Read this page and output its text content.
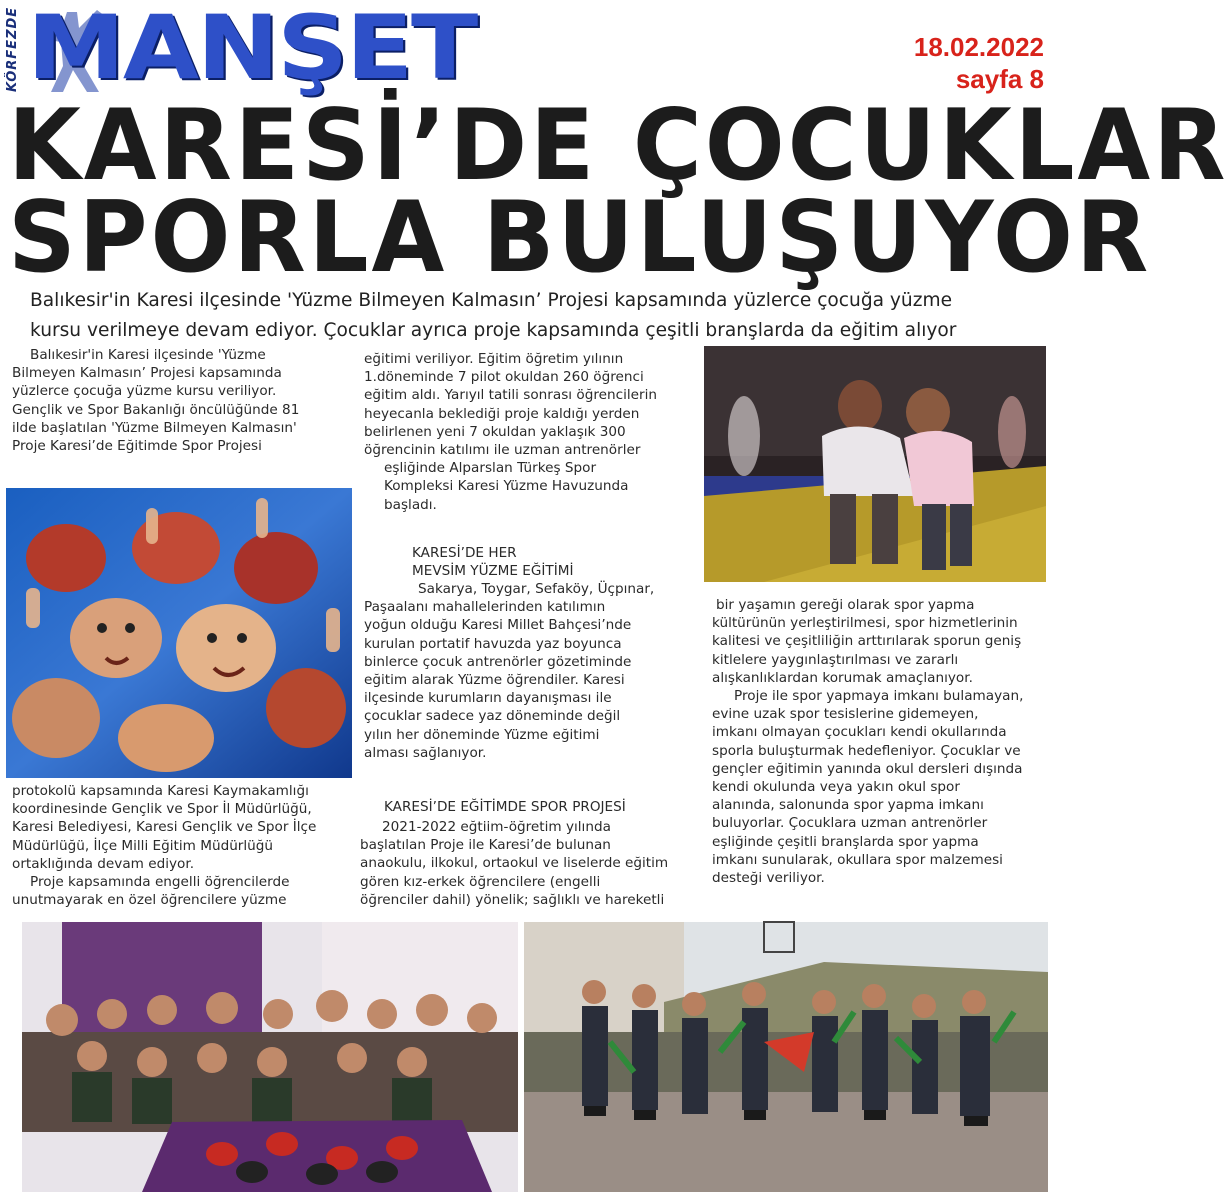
KÖRFEZDE MANŞET	18.02.2022
sayfa 8
KARESİ’DE ÇOCUKLAR
SPORLA BULUŞUYOR
Balıkesir'in Karesi ilçesinde 'Yüzme Bilmeyen Kalmasın’ Projesi kapsamında yüzlerce çocuğa yüzme
kursu verilmeye devam ediyor. Çocuklar ayrıca proje kapsamında çeşitli branşlarda da eğitim alıyor
Balıkesir'in Karesi ilçesinde 'Yüzme
Bilmeyen Kalmasın’ Projesi kapsamında
yüzlerce çocuğa yüzme kursu veriliyor.
Gençlik ve Spor Bakanlığı öncülüğünde 81
ilde başlatılan 'Yüzme Bilmeyen Kalmasın'
Proje Karesi’de Eğitimde Spor Projesi
protokolü kapsamında Karesi Kaymakamlığı
koordinesinde Gençlik ve Spor İl Müdürlüğü,
Karesi Belediyesi, Karesi Gençlik ve Spor İlçe
Müdürlüğü, İlçe Milli Eğitim Müdürlüğü
ortaklığında devam ediyor.
Proje kapsamında engelli öğrencilerde
unutmayarak en özel öğrencilere yüzme
eğitimi veriliyor. Eğitim öğretim yılının
1.döneminde 7 pilot okuldan 260 öğrenci
eğitim aldı. Yarıyıl tatili sonrası öğrencilerin
heyecanla beklediği proje kaldığı yerden
belirlenen yeni 7 okuldan yaklaşık 300
öğrencinin katılımı ile uzman antrenörler
eşliğinde Alparslan Türkeş Spor
Kompleksi Karesi Yüzme Havuzunda
başladı.
KARESİ’DE HER
MEVSİM YÜZME EĞİTİMİ
Sakarya, Toygar, Sefaköy, Üçpınar,
Paşaalanı mahallelerinden katılımın
yoğun olduğu Karesi Millet Bahçesi’nde
kurulan portatif havuzda yaz boyunca
binlerce çocuk antrenörler gözetiminde
eğitim alarak Yüzme öğrendiler. Karesi
ilçesinde kurumların dayanışması ile
çocuklar sadece yaz döneminde değil
yılın her döneminde Yüzme eğitimi
alması sağlanıyor.
KARESİ’DE EĞİTİMDE SPOR PROJESİ
2021-2022 eğtiim-öğretim yılında
başlatılan Proje ile Karesi’de bulunan
anaokulu, ilkokul, ortaokul ve liselerde eğitim
gören kız-erkek öğrencilere (engelli
öğrenciler dahil) yönelik; sağlıklı ve hareketli
bir yaşamın gereği olarak spor yapma
kültürünün yerleştirilmesi, spor hizmetlerinin
kalitesi ve çeşitliliğin arttırılarak sporun geniş
kitlelere yaygınlaştırılması ve zararlı
alışkanlıklardan korumak amaçlanıyor.
Proje ile spor yapmaya imkanı bulamayan,
evine uzak spor tesislerine gidemeyen,
imkanı olmayan çocukları kendi okullarında
sporla buluşturmak hedefleniyor. Çocuklar ve
gençler eğitimin yanında okul dersleri dışında
kendi okulunda veya yakın okul spor
alanında, salonunda spor yapma imkanı
buluyorlar. Çocuklara uzman antrenörler
eşliğinde çeşitli branşlarda spor yapma
imkanı sunularak, okullara spor malzemesi
desteği veriliyor.
